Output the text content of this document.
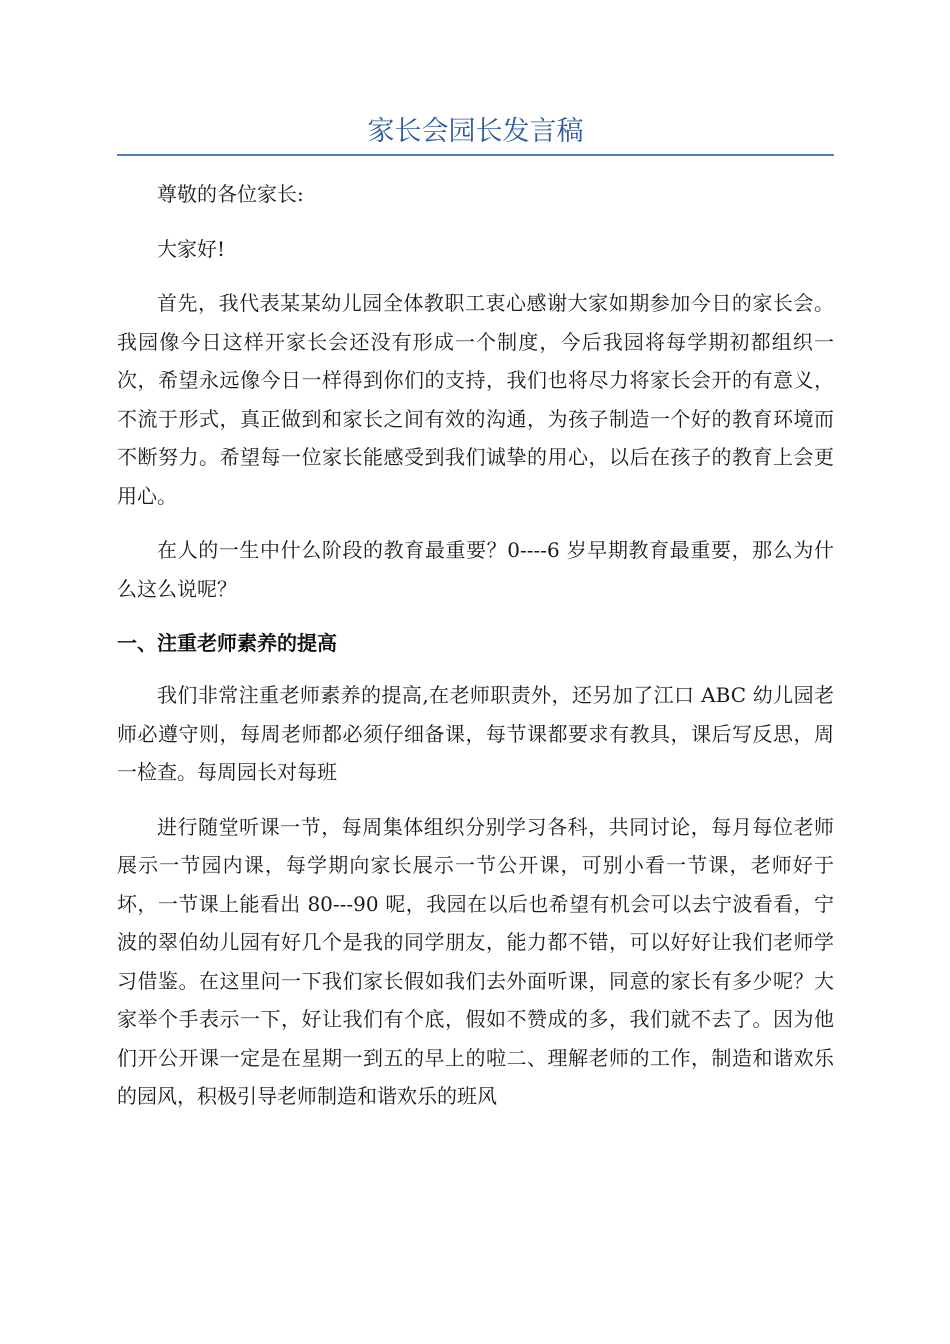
家长会园长发言稿

尊敬的各位家长:

大家好!

首先，我代表某某幼儿园全体教职工衷心感谢大家如期参加今日的家长会。我园像今日这样开家长会还没有形成一个制度，今后我园将每学期初都组织一次，希望永远像今日一样得到你们的支持，我们也将尽力将家长会开的有意义，不流于形式，真正做到和家长之间有效的沟通，为孩子制造一个好的教育环境而不断努力。希望每一位家长能感受到我们诚挚的用心，以后在孩子的教育上会更用心。

在人的一生中什么阶段的教育最重要？0----6 岁早期教育最重要，那么为什么这么说呢？

一、注重老师素养的提高

我们非常注重老师素养的提高,在老师职责外，还另加了江口 ABC 幼儿园老师必遵守则，每周老师都必须仔细备课，每节课都要求有教具，课后写反思，周一检查。每周园长对每班

进行随堂听课一节，每周集体组织分别学习各科，共同讨论，每月每位老师展示一节园内课，每学期向家长展示一节公开课，可别小看一节课，老师好于坏，一节课上能看出 80---90 呢，我园在以后也希望有机会可以去宁波看看，宁波的翠伯幼儿园有好几个是我的同学朋友，能力都不错，可以好好让我们老师学习借鉴。在这里问一下我们家长假如我们去外面听课，同意的家长有多少呢？大家举个手表示一下，好让我们有个底，假如不赞成的多，我们就不去了。因为他们开公开课一定是在星期一到五的早上的啦二、理解老师的工作，制造和谐欢乐的园风，积极引导老师制造和谐欢乐的班风
